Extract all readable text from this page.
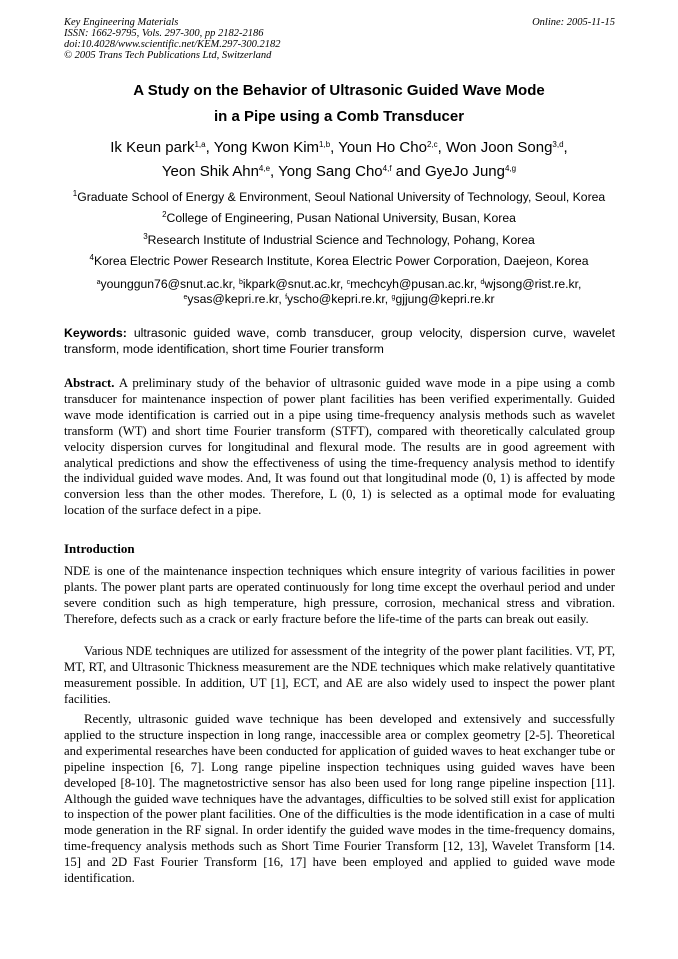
Key Engineering Materials
ISSN: 1662-9795, Vols. 297-300, pp 2182-2186
doi:10.4028/www.scientific.net/KEM.297-300.2182
© 2005 Trans Tech Publications Ltd, Switzerland
Online: 2005-11-15
A Study on the Behavior of Ultrasonic Guided Wave Mode
in a Pipe using a Comb Transducer
Ik Keun park$^{1,a}$, Yong Kwon Kim$^{1,b}$, Youn Ho Cho$^{2,c}$, Won Joon Song$^{3,d}$,
Yeon Shik Ahn$^{4,e}$, Yong Sang Cho$^{4,f}$ and GyeJo Jung$^{4,g}$
$^1$Graduate School of Energy & Environment, Seoul National University of Technology, Seoul, Korea
$^2$College of Engineering, Pusan National University, Busan, Korea
$^3$Research Institute of Industrial Science and Technology, Pohang, Korea
$^4$Korea Electric Power Research Institute, Korea Electric Power Corporation, Daejeon, Korea
$^a$younggun76@snut.ac.kr, $^b$ikpark@snut.ac.kr, $^c$mechcyh@pusan.ac.kr, $^d$wjsong@rist.re.kr,
$^e$ysas@kepri.re.kr, $^f$yscho@kepri.re.kr, $^g$gjjung@kepri.re.kr
Keywords: ultrasonic guided wave, comb transducer, group velocity, dispersion curve, wavelet transform, mode identification, short time Fourier transform
Abstract. A preliminary study of the behavior of ultrasonic guided wave mode in a pipe using a comb transducer for maintenance inspection of power plant facilities has been verified experimentally. Guided wave mode identification is carried out in a pipe using time-frequency analysis methods such as wavelet transform (WT) and short time Fourier transform (STFT), compared with theoretically calculated group velocity dispersion curves for longitudinal and flexural mode. The results are in good agreement with analytical predictions and show the effectiveness of using the time-frequency analysis method to identify the individual guided wave modes. And, It was found out that longitudinal mode (0, 1) is affected by mode conversion less than the other modes. Therefore, L (0, 1) is selected as a optimal mode for evaluating location of the surface defect in a pipe.
Introduction
NDE is one of the maintenance inspection techniques which ensure integrity of various facilities in power plants. The power plant parts are operated continuously for long time except the overhaul period and under severe condition such as high temperature, high pressure, corrosion, mechanical stress and vibration. Therefore, defects such as a crack or early fracture before the life-time of the parts can break out easily.
Various NDE techniques are utilized for assessment of the integrity of the power plant facilities. VT, PT, MT, RT, and Ultrasonic Thickness measurement are the NDE techniques which make relatively quantitative measurement possible. In addition, UT [1], ECT, and AE are also widely used to inspect the power plant facilities.
Recently, ultrasonic guided wave technique has been developed and extensively and successfully applied to the structure inspection in long range, inaccessible area or complex geometry [2-5]. Theoretical and experimental researches have been conducted for application of guided waves to heat exchanger tube or pipeline inspection [6, 7]. Long range pipeline inspection techniques using guided waves have been developed [8-10]. The magnetostrictive sensor has also been used for long range pipeline inspection [11]. Although the guided wave techniques have the advantages, difficulties to be solved still exist for application to inspection of the power plant facilities. One of the difficulties is the mode identification in a case of multi mode generation in the RF signal. In order identify the guided wave modes in the time-frequency domains, time-frequency analysis methods such as Short Time Fourier Transform [12, 13], Wavelet Transform [14. 15] and 2D Fast Fourier Transform [16, 17] have been employed and applied to guided wave mode identification.
